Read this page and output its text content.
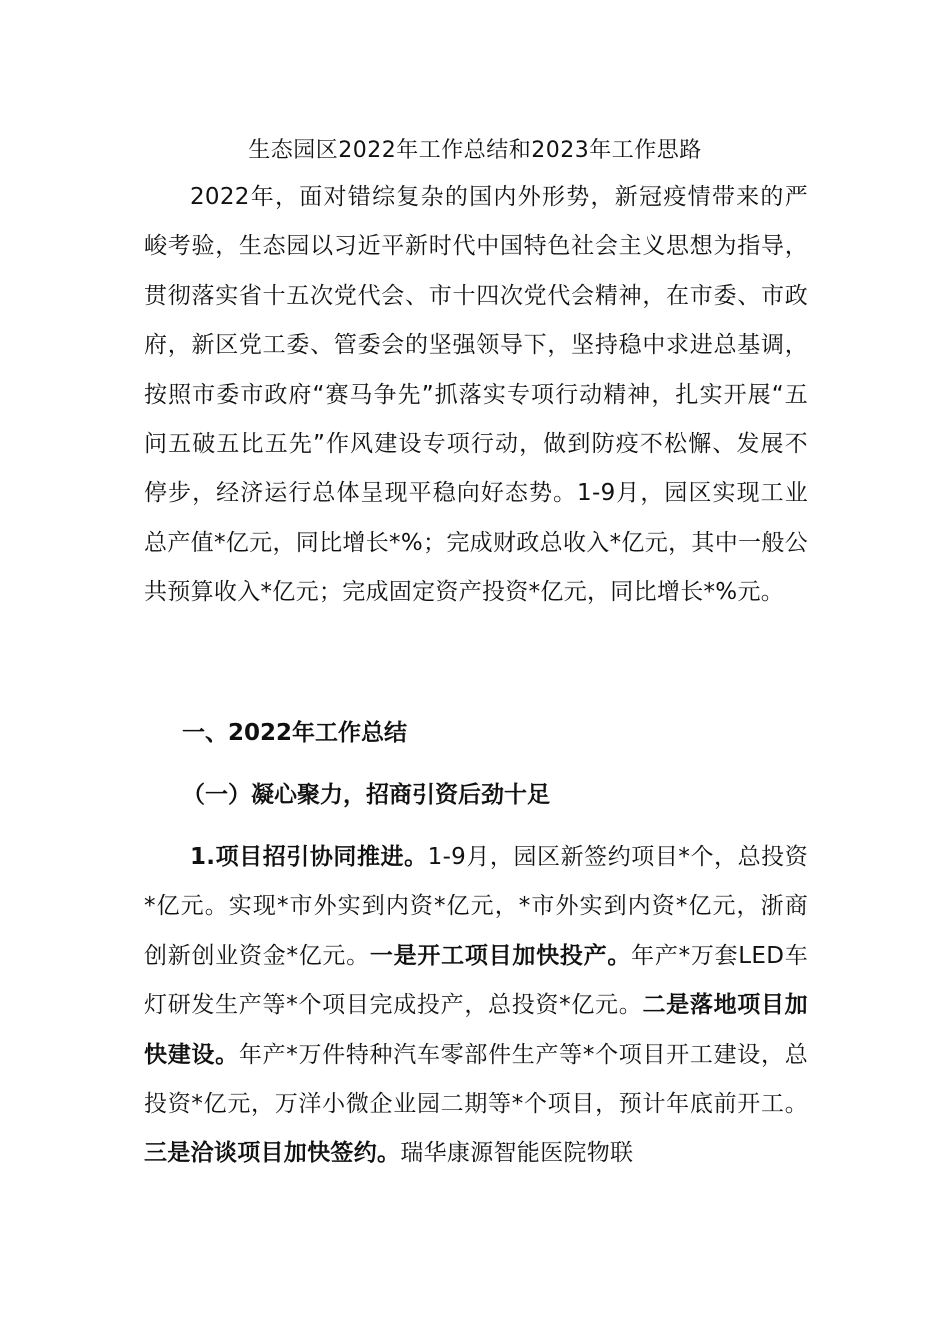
生态园区2022年工作总结和2023年工作思路

2022年，面对错综复杂的国内外形势，新冠疫情带来的严峻考验，生态园以习近平新时代中国特色社会主义思想为指导，贯彻落实省十五次党代会、市十四次党代会精神，在市委、市政府，新区党工委、管委会的坚强领导下，坚持稳中求进总基调，按照市委市政府“赛马争先”抓落实专项行动精神，扎实开展“五问五破五比五先”作风建设专项行动，做到防疫不松懈、发展不停步，经济运行总体呈现平稳向好态势。1-9月，园区实现工业总产值*亿元，同比增长*%；完成财政总收入*亿元，其中一般公共预算收入*亿元；完成固定资产投资*亿元，同比增长*%元。

一、2022年工作总结
（一）凝心聚力，招商引资后劲十足

1.项目招引协同推进。1-9月，园区新签约项目*个，总投资*亿元。实现*市外实到内资*亿元，*市外实到内资*亿元，浙商创新创业资金*亿元。一是开工项目加快投产。年产*万套LED车灯研发生产等*个项目完成投产，总投资*亿元。二是落地项目加快建设。年产*万件特种汽车零部件生产等*个项目开工建设，总投资*亿元，万洋小微企业园二期等*个项目，预计年底前开工。三是洽谈项目加快签约。瑞华康源智能医院物联
